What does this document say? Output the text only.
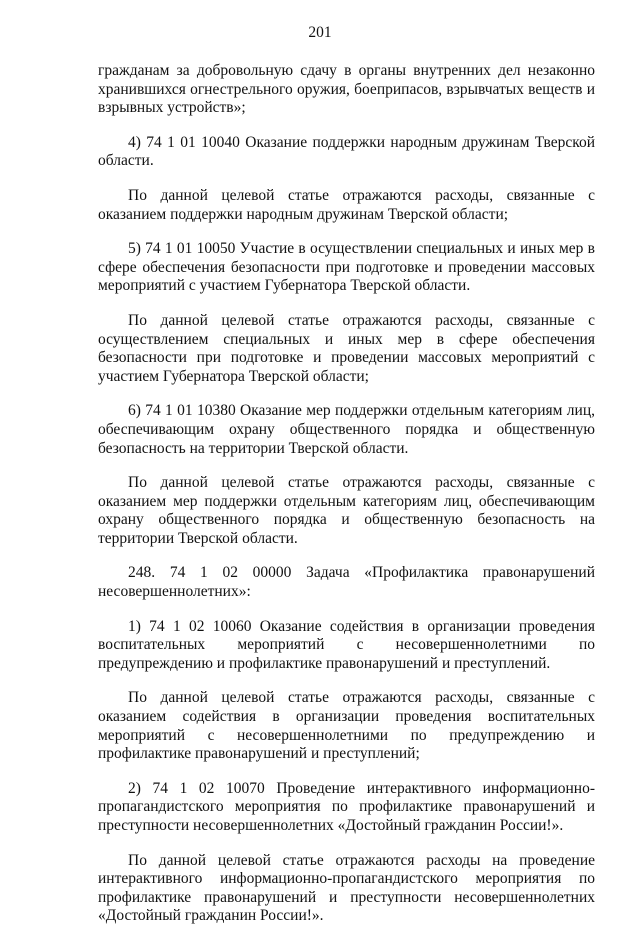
201

гражданам за добровольную сдачу в органы внутренних дел незаконно хранившихся огнестрельного оружия, боеприпасов, взрывчатых веществ и взрывных устройств»;

4) 74 1 01 10040 Оказание поддержки народным дружинам Тверской области.

По данной целевой статье отражаются расходы, связанные с оказанием поддержки народным дружинам Тверской области;

5) 74 1 01 10050 Участие в осуществлении специальных и иных мер в сфере обеспечения безопасности при подготовке и проведении массовых мероприятий с участием Губернатора Тверской области.

По данной целевой статье отражаются расходы, связанные с осуществлением специальных и иных мер в сфере обеспечения безопасности при подготовке и проведении массовых мероприятий с участием Губернатора Тверской области;

6) 74 1 01 10380 Оказание мер поддержки отдельным категориям лиц, обеспечивающим охрану общественного порядка и общественную безопасность на территории Тверской области.

По данной целевой статье отражаются расходы, связанные с оказанием мер поддержки отдельным категориям лиц, обеспечивающим охрану общественного порядка и общественную безопасность на территории Тверской области.

248. 74 1 02 00000 Задача «Профилактика правонарушений несовершеннолетних»:

1) 74 1 02 10060 Оказание содействия в организации проведения воспитательных мероприятий с несовершеннолетними по предупреждению и профилактике правонарушений и преступлений.

По данной целевой статье отражаются расходы, связанные с оказанием содействия в организации проведения воспитательных мероприятий с несовершеннолетними по предупреждению и профилактике правонарушений и преступлений;

2) 74 1 02 10070 Проведение интерактивного информационно-пропагандистского мероприятия по профилактике правонарушений и преступности несовершеннолетних «Достойный гражданин России!».

По данной целевой статье отражаются расходы на проведение интерактивного информационно-пропагандистского мероприятия по профилактике правонарушений и преступности несовершеннолетних «Достойный гражданин России!».
